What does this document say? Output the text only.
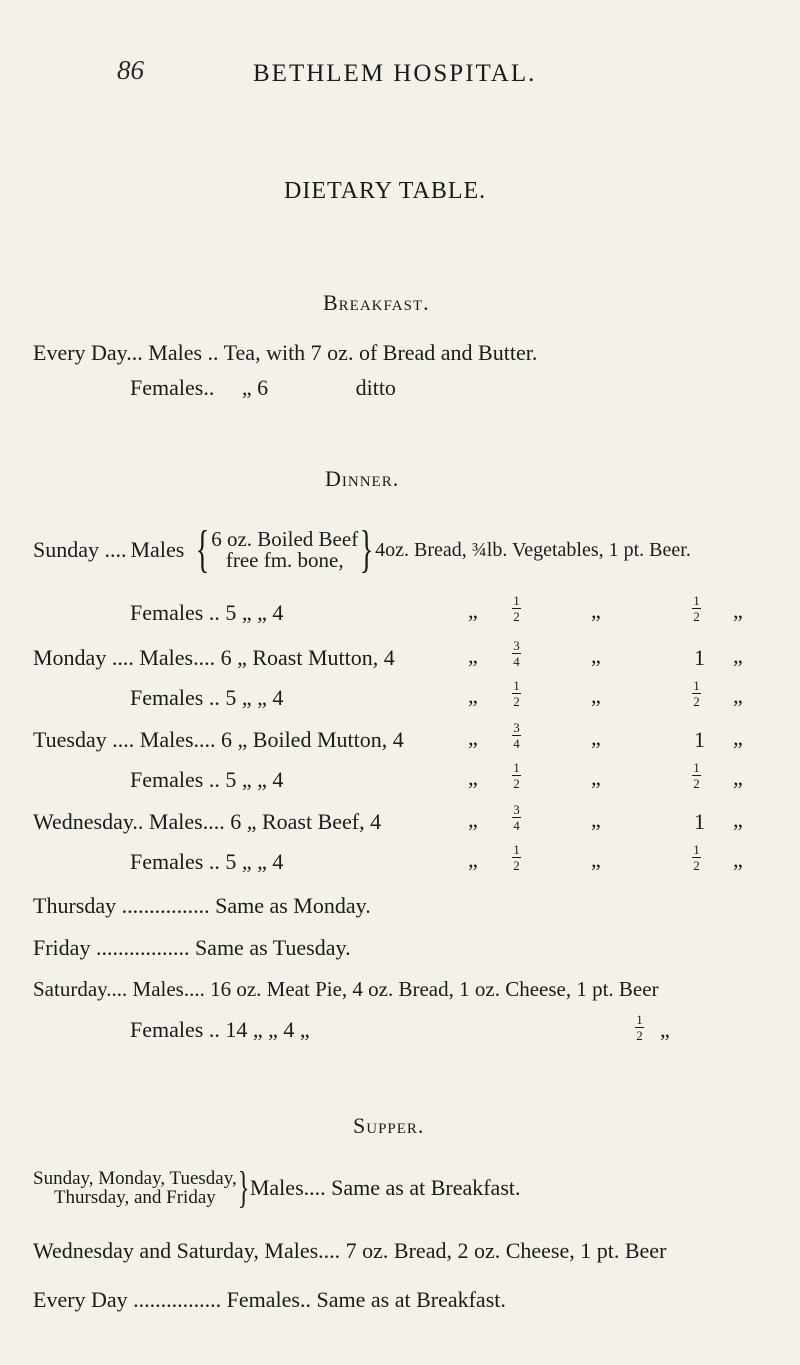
‎ ‎ ‎ ‎ ‎ ‎ ‎ ‎ ‎ ‎ ‎ ‎ ‎ ‎ ‎ ‎ ‎ ‎
86	BETHLEM HOSPITAL.
DIETARY TABLE.
Breakfast.
Every Day... Males .. Tea, with 7 oz. of Bread and Butter.
Females.. „ 6	ditto
Dinner.
Sunday .... Males { 6 oz. Boiled Beef
free fm. bone, } 4oz. Bread, ¾lb. Vegetables, 1 pt. Beer.
Females .. 5 „ „ 4	„	$\frac{1}{2}$	„	$\frac{1}{2}$ „
Monday .... Males.... 6 „ Roast Mutton, 4	„	$\frac{3}{4}$	„	1 „
Females .. 5 „ „ 4	„	$\frac{1}{2}$	„	$\frac{1}{2}$ „
Tuesday .... Males.... 6 „ Boiled Mutton, 4	„	$\frac{3}{4}$	„	1 „
Females .. 5 „ „ 4	„	$\frac{1}{2}$	„	$\frac{1}{2}$ „
Wednesday.. Males.... 6 „ Roast Beef, 4	„	$\frac{3}{4}$	„	1 „
Females .. 5 „ „ 4	„	$\frac{1}{2}$	„	$\frac{1}{2}$ „
Thursday ................ Same as Monday.
Friday ................. Same as Tuesday.
Saturday.... Males.... 16 oz. Meat Pie, 4 oz. Bread, 1 oz. Cheese, 1 pt. Beer
Females .. 14 „ „ 4 „	$\frac{1}{2}$ „
Supper.
Sunday, Monday, Tuesday,
Thursday, and Friday } Males.... Same as at Breakfast.
Wednesday and Saturday, Males.... 7 oz. Bread, 2 oz. Cheese, 1 pt. Beer
Every Day ................ Females.. Same as at Breakfast.
